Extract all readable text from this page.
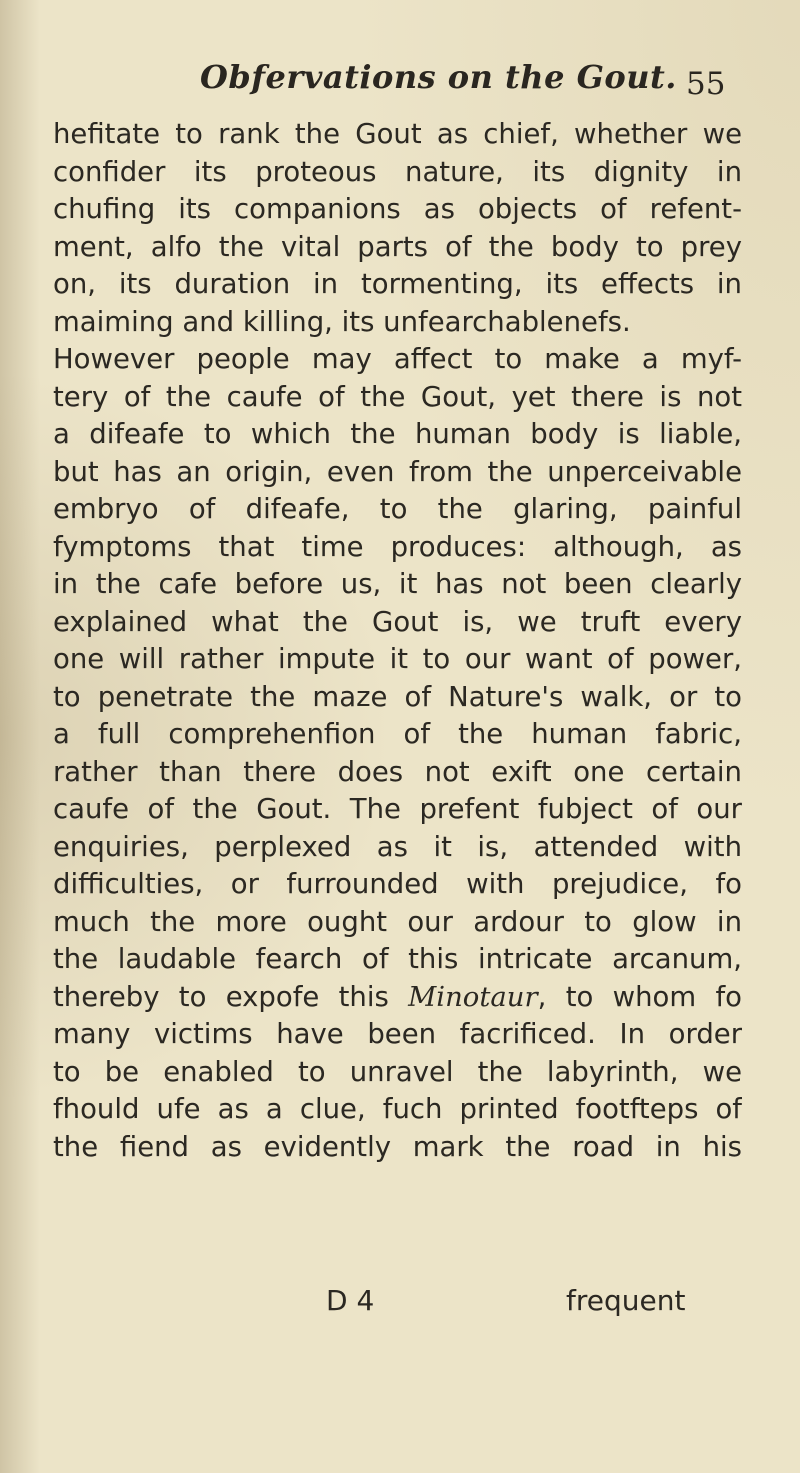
Obfervations on the Gout. 55
hefitate to rank the Gout as chief, whether we
confider its proteous nature, its dignity in
chufing its companions as objects of refent-
ment, alfo the vital parts of the body to prey
on, its duration in tormenting, its effects in
maiming and killing, its unfearchablenefs.
However people may affect to make a myf-
tery of the caufe of the Gout, yet there is not
a difeafe to which the human body is liable,
but has an origin, even from the unperceivable
embryo of difeafe, to the glaring, painful
fymptoms that time produces: although, as
in the cafe before us, it has not been clearly
explained what the Gout is, we truft every
one will rather impute it to our want of power,
to penetrate the maze of Nature's walk, or to
a full comprehenfion of the human fabric,
rather than there does not exift one certain
caufe of the Gout. The prefent fubject of our
enquiries, perplexed as it is, attended with
difficulties, or furrounded with prejudice, fo
much the more ought our ardour to glow in
the laudable fearch of this intricate arcanum,
thereby to expofe this Minotaur, to whom fo
many victims have been facrificed. In order
to be enabled to unravel the labyrinth, we
fhould ufe as a clue, fuch printed footfteps of
the fiend as evidently mark the road in his
D 4	frequent
